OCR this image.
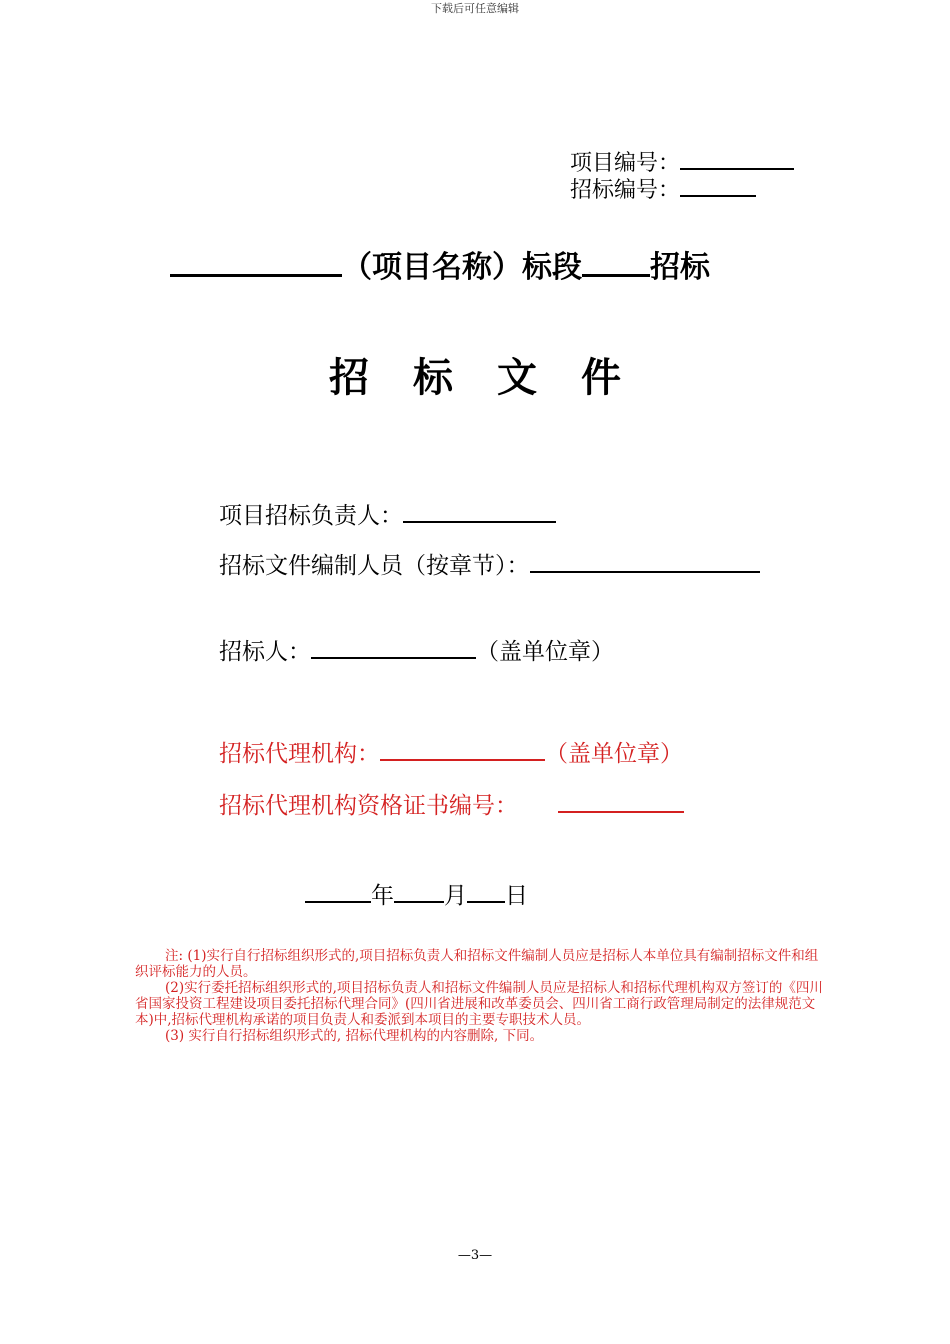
下载后可任意编辑
项目编号：
招标编号：
（项目名称）标段 招标
招 标 文 件
项目招标负责人：
招标文件编制人员（按章节）：
招标人：	（盖单位章）
招标代理机构：	（盖单位章）
招标代理机构资格证书编号：
年 月 日

注: (1)实行自行招标组织形式的,项目招标负责人和招标文件编制人员应是招标人本单位具有编制招标文件和组织评标能力的人员。

(2)实行委托招标组织形式的,项目招标负责人和招标文件编制人员应是招标人和招标代理机构双方签订的《四川省国家投资工程建设项目委托招标代理合同》(四川省进展和改革委员会、四川省工商行政管理局制定的法律规范文本)中,招标代理机构承诺的项目负责人和委派到本项目的主要专职技术人员。

(3) 实行自行招标组织形式的, 招标代理机构的内容删除, 下同。

—3—
